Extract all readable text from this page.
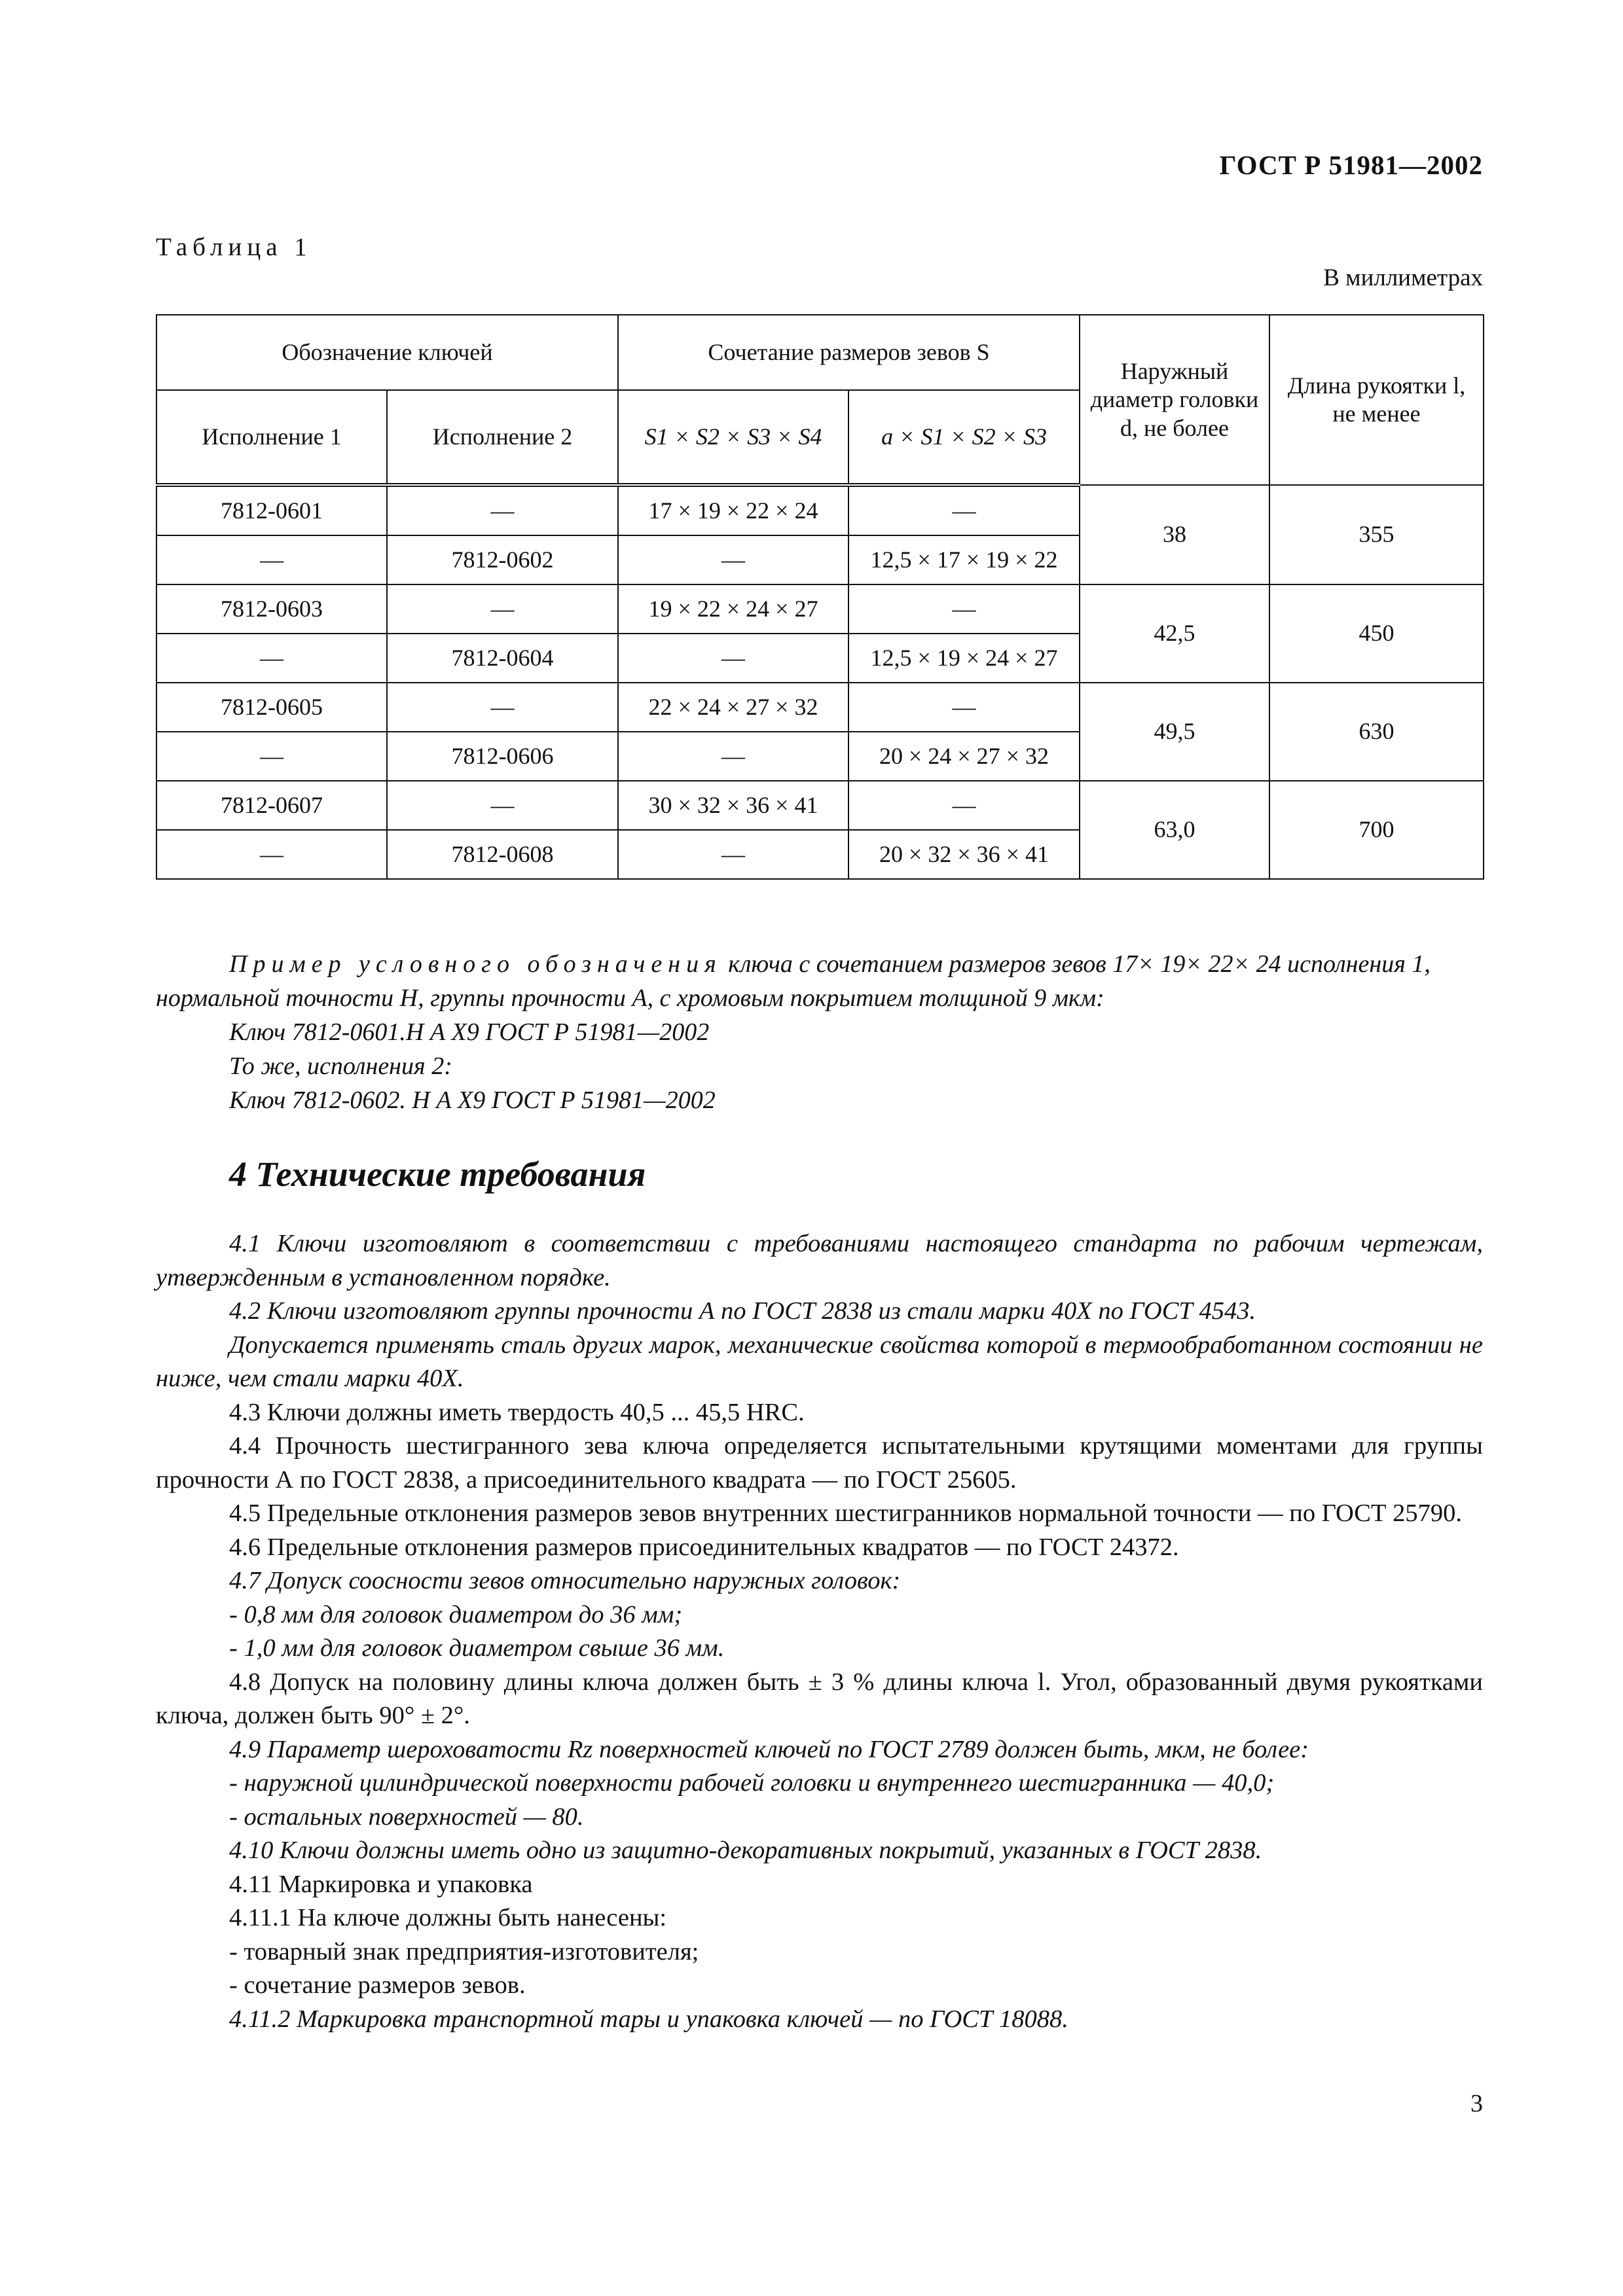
ГОСТ Р 51981—2002
Таблица 1
В миллиметрах
Обозначение ключей		Сочетание размеров зевов S		Наружный диаметр головки d, не более	Длина рукоятки l, не менее
Исполнение 1	Исполнение 2	S1 × S2 × S3 × S4	a × S1 × S2 × S3		
7812-0601	—	17 × 19 × 22 × 24	—	38	355
—	7812-0602	—	12,5 × 17 × 19 × 22		
7812-0603	—	19 × 22 × 24 × 27	—	42,5	450
—	7812-0604	—	12,5 × 19 × 24 × 27		
7812-0605	—	22 × 24 × 27 × 32	—	49,5	630
—	7812-0606	—	20 × 24 × 27 × 32		
7812-0607	—	30 × 32 × 36 × 41	—	63,0	700
—	7812-0608	—	20 × 32 × 36 × 41		
Пример условного обозначения ключа с сочетанием размеров зевов 17× 19× 22× 24 исполнения 1, нормальной точности H, группы прочности А, с хромовым покрытием толщиной 9 мкм:
Ключ 7812-0601.H А Х9 ГОСТ Р 51981—2002
То же, исполнения 2:
Ключ 7812-0602. H А Х9 ГОСТ Р 51981—2002
4 Технические требования
4.1 Ключи изготовляют в соответствии с требованиями настоящего стандарта по рабочим чертежам, утвержденным в установленном порядке.
4.2 Ключи изготовляют группы прочности А по ГОСТ 2838 из стали марки 40Х по ГОСТ 4543.
Допускается применять сталь других марок, механические свойства которой в термообработанном состоянии не ниже, чем стали марки 40Х.
4.3 Ключи должны иметь твердость 40,5 ... 45,5 HRC.
4.4 Прочность шестигранного зева ключа определяется испытательными крутящими моментами для группы прочности А по ГОСТ 2838, а присоединительного квадрата — по ГОСТ 25605.
4.5 Предельные отклонения размеров зевов внутренних шестигранников нормальной точности — по ГОСТ 25790.
4.6 Предельные отклонения размеров присоединительных квадратов — по ГОСТ 24372.
4.7 Допуск соосности зевов относительно наружных головок:
- 0,8 мм для головок диаметром до 36 мм;
- 1,0 мм для головок диаметром свыше 36 мм.
4.8 Допуск на половину длины ключа должен быть ± 3 % длины ключа l. Угол, образованный двумя рукоятками ключа, должен быть 90° ± 2°.
4.9 Параметр шероховатости Rz поверхностей ключей по ГОСТ 2789 должен быть, мкм, не более:
- наружной цилиндрической поверхности рабочей головки и внутреннего шестигранника — 40,0;
- остальных поверхностей — 80.
4.10 Ключи должны иметь одно из защитно-декоративных покрытий, указанных в ГОСТ 2838.
4.11 Маркировка и упаковка
4.11.1 На ключе должны быть нанесены:
- товарный знак предприятия-изготовителя;
- сочетание размеров зевов.
4.11.2 Маркировка транспортной тары и упаковка ключей — по ГОСТ 18088.
3
